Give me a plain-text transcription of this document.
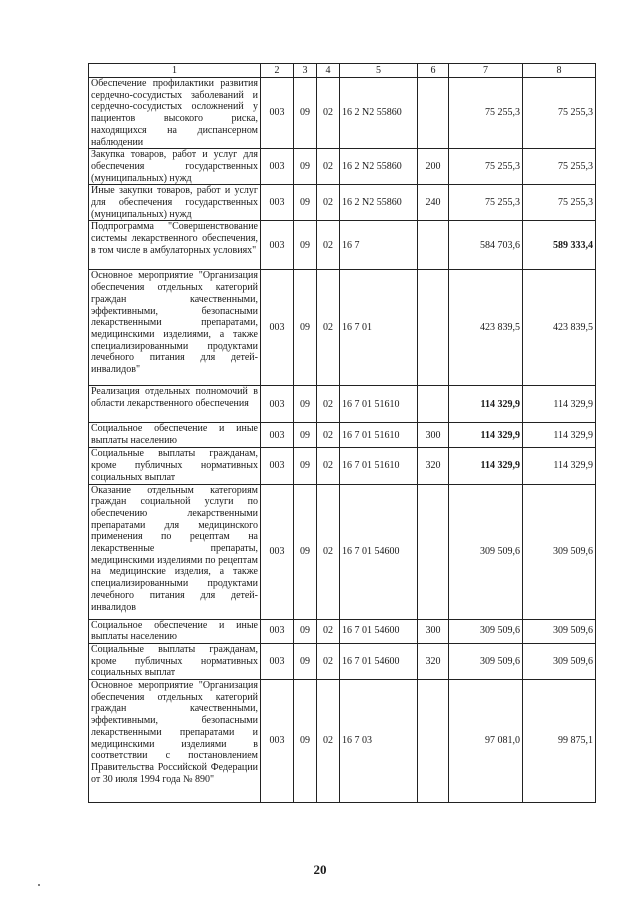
1	2	3	4	5	6	7	8
Обеспечение профилактики развития сердечно-сосудистых заболеваний и сердечно-сосудистых осложнений у пациентов высокого риска, находящихся на диспансерном наблюдении	003	09	02	16 2 N2 55860		75 255,3	75 255,3
Закупка товаров, работ и услуг для обеспечения государственных (муниципальных) нужд	003	09	02	16 2 N2 55860	200	75 255,3	75 255,3
Иные закупки товаров, работ и услуг для обеспечения государственных (муниципальных) нужд	003	09	02	16 2 N2 55860	240	75 255,3	75 255,3
Подпрограмма "Совершенствование системы лекарственного обеспечения, в том числе в амбулаторных условиях"	003	09	02	16 7		584 703,6	589 333,4
Основное мероприятие "Организация обеспечения отдельных категорий граждан качественными, эффективными, безопасными лекарственными препаратами, медицинскими изделиями, а также специализированными продуктами лечебного питания для детей-инвалидов"	003	09	02	16 7 01		423 839,5	423 839,5
Реализация отдельных полномочий в области лекарственного обеспечения	003	09	02	16 7 01 51610		114 329,9	114 329,9
Социальное обеспечение и иные выплаты населению	003	09	02	16 7 01 51610	300	114 329,9	114 329,9
Социальные выплаты гражданам, кроме публичных нормативных социальных выплат	003	09	02	16 7 01 51610	320	114 329,9	114 329,9
Оказание отдельным категориям граждан социальной услуги по обеспечению лекарственными препаратами для медицинского применения по рецептам на лекарственные препараты, медицинскими изделиями по рецептам на медицинские изделия, а также специализированными продуктами лечебного питания для детей-инвалидов	003	09	02	16 7 01 54600		309 509,6	309 509,6
Социальное обеспечение и иные выплаты населению	003	09	02	16 7 01 54600	300	309 509,6	309 509,6
Социальные выплаты гражданам, кроме публичных нормативных социальных выплат	003	09	02	16 7 01 54600	320	309 509,6	309 509,6
Основное мероприятие "Организация обеспечения отдельных категорий граждан качественными, эффективными, безопасными лекарственными препаратами и медицинскими изделиями в соответствии с постановлением Правительства Российской Федерации от 30 июля 1994 года № 890"	003	09	02	16 7 03		97 081,0	99 875,1
20
